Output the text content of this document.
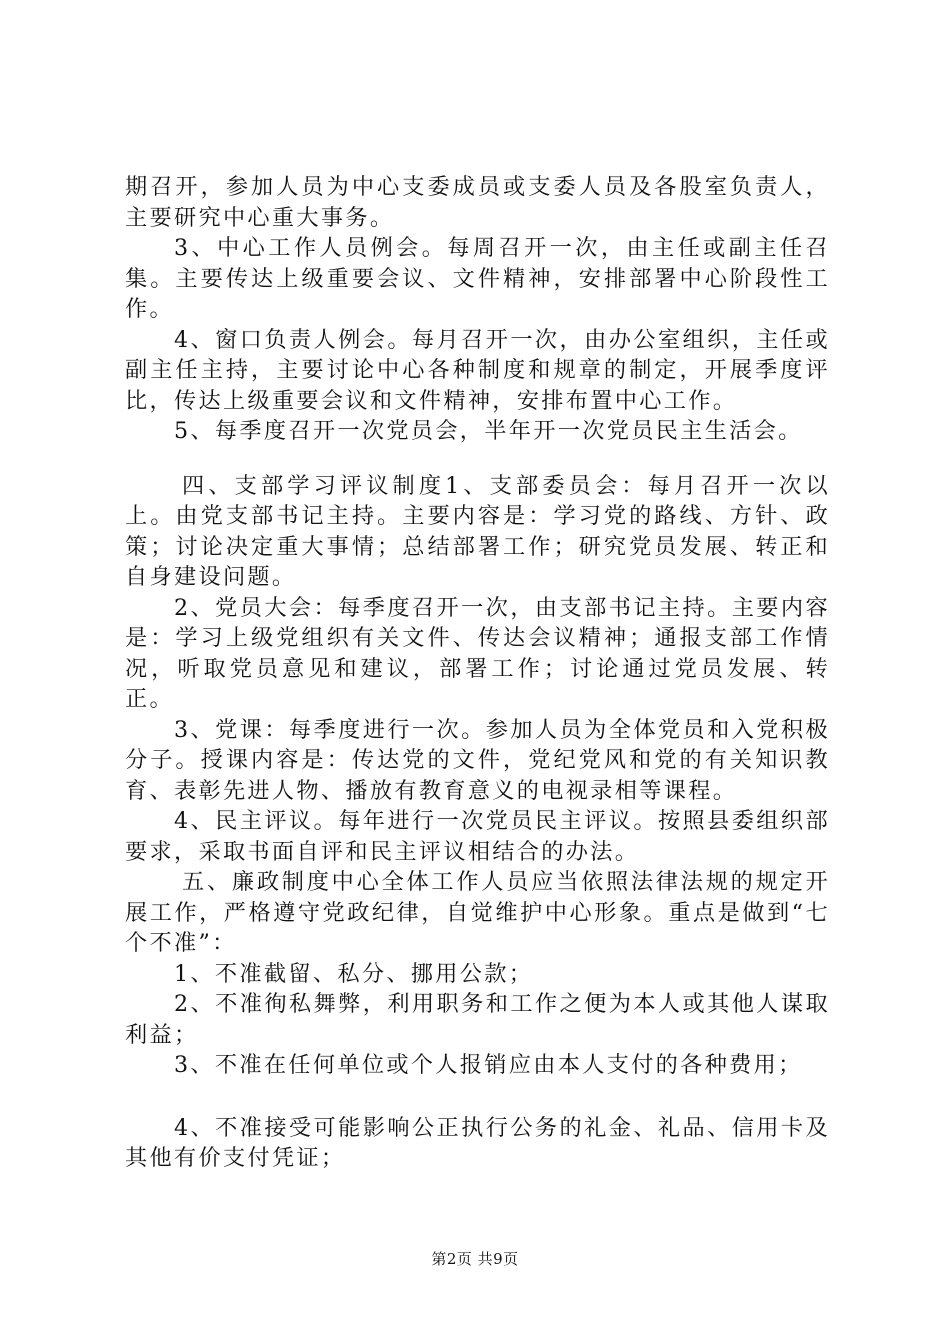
期召开，参加人员为中心支委成员或支委人员及各股室负责人，主要研究中心重大事务。

3、中心工作人员例会。每周召开一次，由主任或副主任召集。主要传达上级重要会议、文件精神，安排部署中心阶段性工作。

4、窗口负责人例会。每月召开一次，由办公室组织，主任或副主任主持，主要讨论中心各种制度和规章的制定，开展季度评比，传达上级重要会议和文件精神，安排布置中心工作。

5、每季度召开一次党员会，半年开一次党员民主生活会。

四、支部学习评议制度1、支部委员会：每月召开一次以上。由党支部书记主持。主要内容是：学习党的路线、方针、政策；讨论决定重大事情；总结部署工作；研究党员发展、转正和自身建设问题。

2、党员大会：每季度召开一次，由支部书记主持。主要内容是：学习上级党组织有关文件、传达会议精神；通报支部工作情况，听取党员意见和建议，部署工作；讨论通过党员发展、转正。

3、党课：每季度进行一次。参加人员为全体党员和入党积极分子。授课内容是：传达党的文件，党纪党风和党的有关知识教育、表彰先进人物、播放有教育意义的电视录相等课程。

4、民主评议。每年进行一次党员民主评议。按照县委组织部要求，采取书面自评和民主评议相结合的办法。

五、廉政制度中心全体工作人员应当依照法律法规的规定开展工作，严格遵守党政纪律，自觉维护中心形象。重点是做到“七个不准”：

1、不准截留、私分、挪用公款；

2、不准徇私舞弊，利用职务和工作之便为本人或其他人谋取利益；

3、不准在任何单位或个人报销应由本人支付的各种费用；

4、不准接受可能影响公正执行公务的礼金、礼品、信用卡及其他有价支付凭证；

第2页 共9页
